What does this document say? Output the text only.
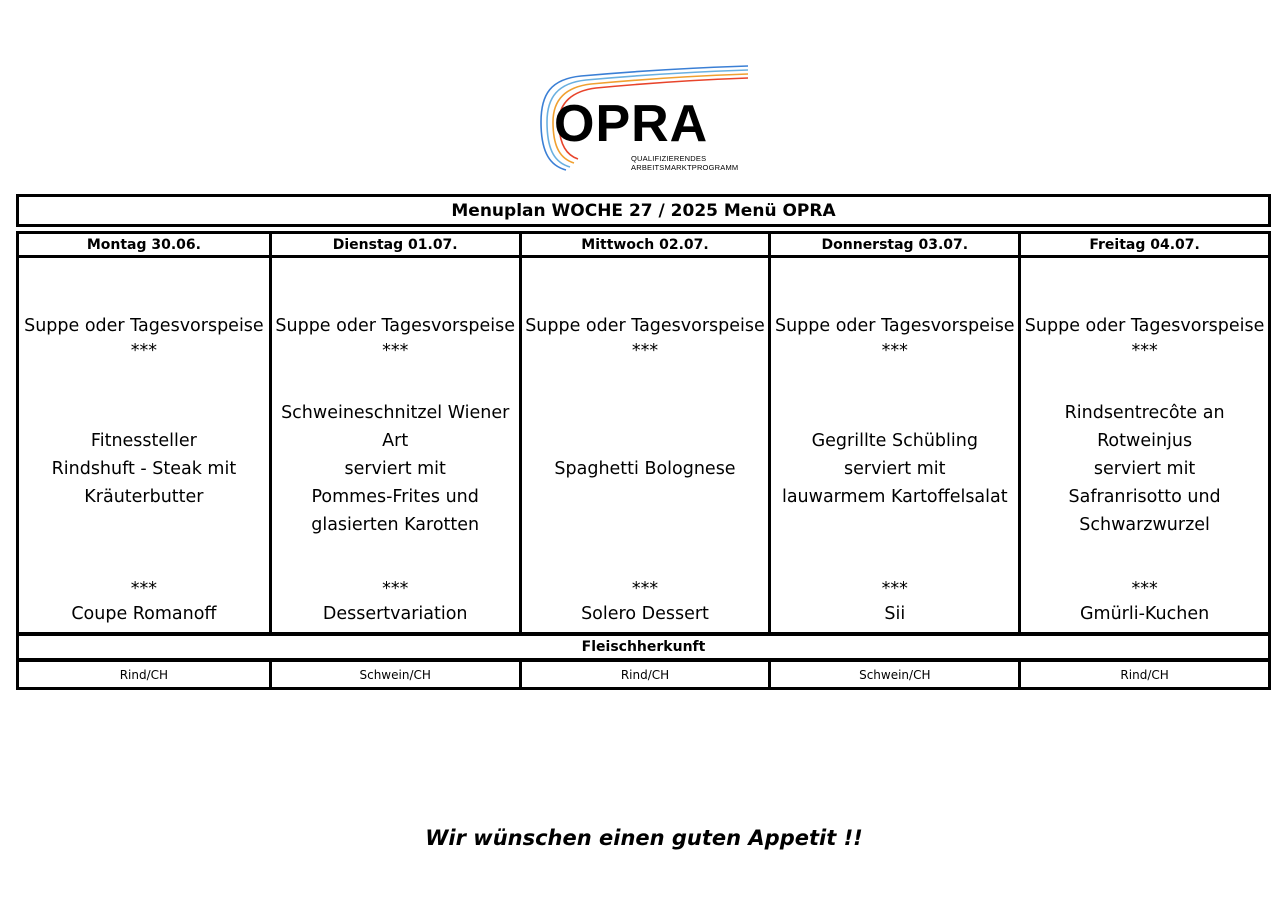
OPRA
QUALIFIZIERENDES
ARBEITSMARKTPROGRAMM
Menuplan WOCHE 27 / 2025 Menü OPRA
Montag 30.06.	Dienstag 01.07.	Mittwoch 02.07.	Donnerstag 03.07.	Freitag 04.07.
Suppe oder Tagesvorspeise
***
Fitnessteller
Rindshuft - Steak mit
Kräuterbutter
***
Coupe Romanoff
Suppe oder Tagesvorspeise
***
Schweineschnitzel Wiener
Art
serviert mit
Pommes-Frites und
glasierten Karotten
***
Dessertvariation
Suppe oder Tagesvorspeise
***
Spaghetti Bolognese
***
Solero Dessert
Suppe oder Tagesvorspeise
***
Gegrillte Schübling
serviert mit
lauwarmem Kartoffelsalat
***
Sii
Suppe oder Tagesvorspeise
***
Rindsentrecôte an
Rotweinjus
serviert mit
Safranrisotto und
Schwarzwurzel
***
Gmürli-Kuchen
Fleischherkunft
Rind/CH	Schwein/CH	Rind/CH	Schwein/CH	Rind/CH
Wir wünschen einen guten Appetit !!
